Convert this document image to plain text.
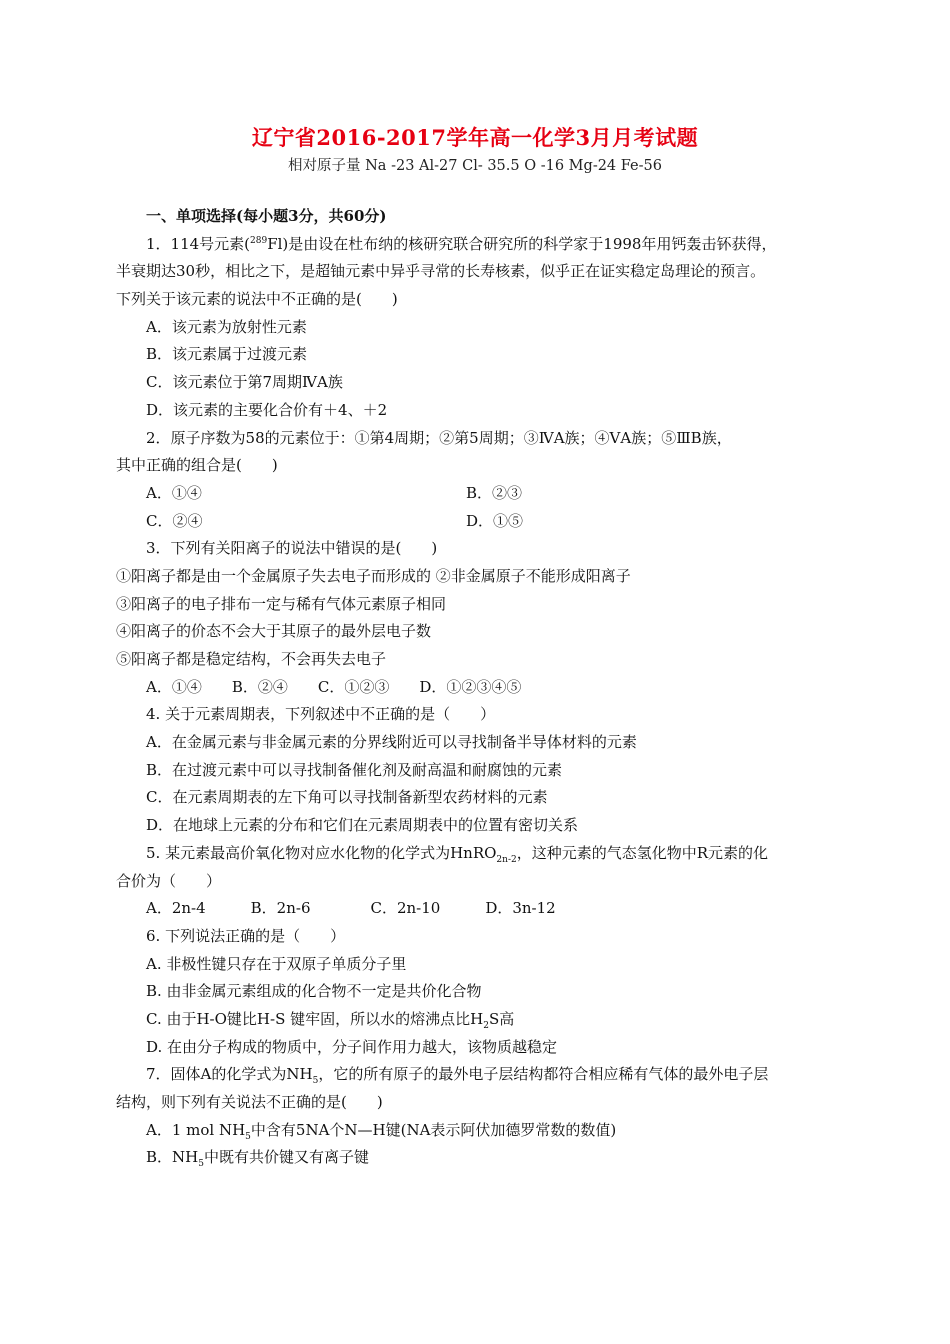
辽宁省2016-2017学年高一化学3月月考试题
相对原子量 Na -23 Al-27 Cl- 35.5 O -16 Mg-24 Fe-56
一、单项选择(每小题3分，共60分)
1．114号元素($^{289}$Fl)是由设在杜布纳的核研究联合研究所的科学家于1998年用钙轰击钚获得，
半衰期达30秒，相比之下，是超铀元素中异乎寻常的长寿核素，似乎正在证实稳定岛理论的预言。
下列关于该元素的说法中不正确的是(　　)
A．该元素为放射性元素
B．该元素属于过渡元素
C．该元素位于第7周期ⅣA族
D．该元素的主要化合价有＋4、＋2
2．原子序数为58的元素位于：①第4周期；②第5周期；③ⅣA族；④ⅤA族；⑤ⅢB族，
其中正确的组合是(　　)
A．①④	B．②③
C．②④	D．①⑤
3．下列有关阳离子的说法中错误的是(　　)
①阳离子都是由一个金属原子失去电子而形成的 ②非金属原子不能形成阳离子
③阳离子的电子排布一定与稀有气体元素原子相同
④阳离子的价态不会大于其原子的最外层电子数
⑤阳离子都是稳定结构，不会再失去电子
A．①④　　B．②④　　C．①②③　　D．①②③④⑤
4. 关于元素周期表，下列叙述中不正确的是（　　）
A．在金属元素与非金属元素的分界线附近可以寻找制备半导体材料的元素
B．在过渡元素中可以寻找制备催化剂及耐高温和耐腐蚀的元素
C．在元素周期表的左下角可以寻找制备新型农药材料的元素
D．在地球上元素的分布和它们在元素周期表中的位置有密切关系
5. 某元素最高价氧化物对应水化物的化学式为HnRO$_{2n-2}$，这种元素的气态氢化物中R元素的化
合价为（　　）
A．2n-4　　　B．2n-6　　　　C．2n-10　　　D．3n-12
6. 下列说法正确的是（　　）
A. 非极性键只存在于双原子单质分子里
B. 由非金属元素组成的化合物不一定是共价化合物
C. 由于H-O键比H-S 键牢固，所以水的熔沸点比$H_2S$高
D. 在由分子构成的物质中，分子间作用力越大，该物质越稳定
7．固体A的化学式为$NH_5$，它的所有原子的最外电子层结构都符合相应稀有气体的最外电子层
结构，则下列有关说法不正确的是(　　)
A．1 mol $NH_5$中含有5NA个N—H键(NA表示阿伏加德罗常数的数值)
B．$NH_5$中既有共价键又有离子键
